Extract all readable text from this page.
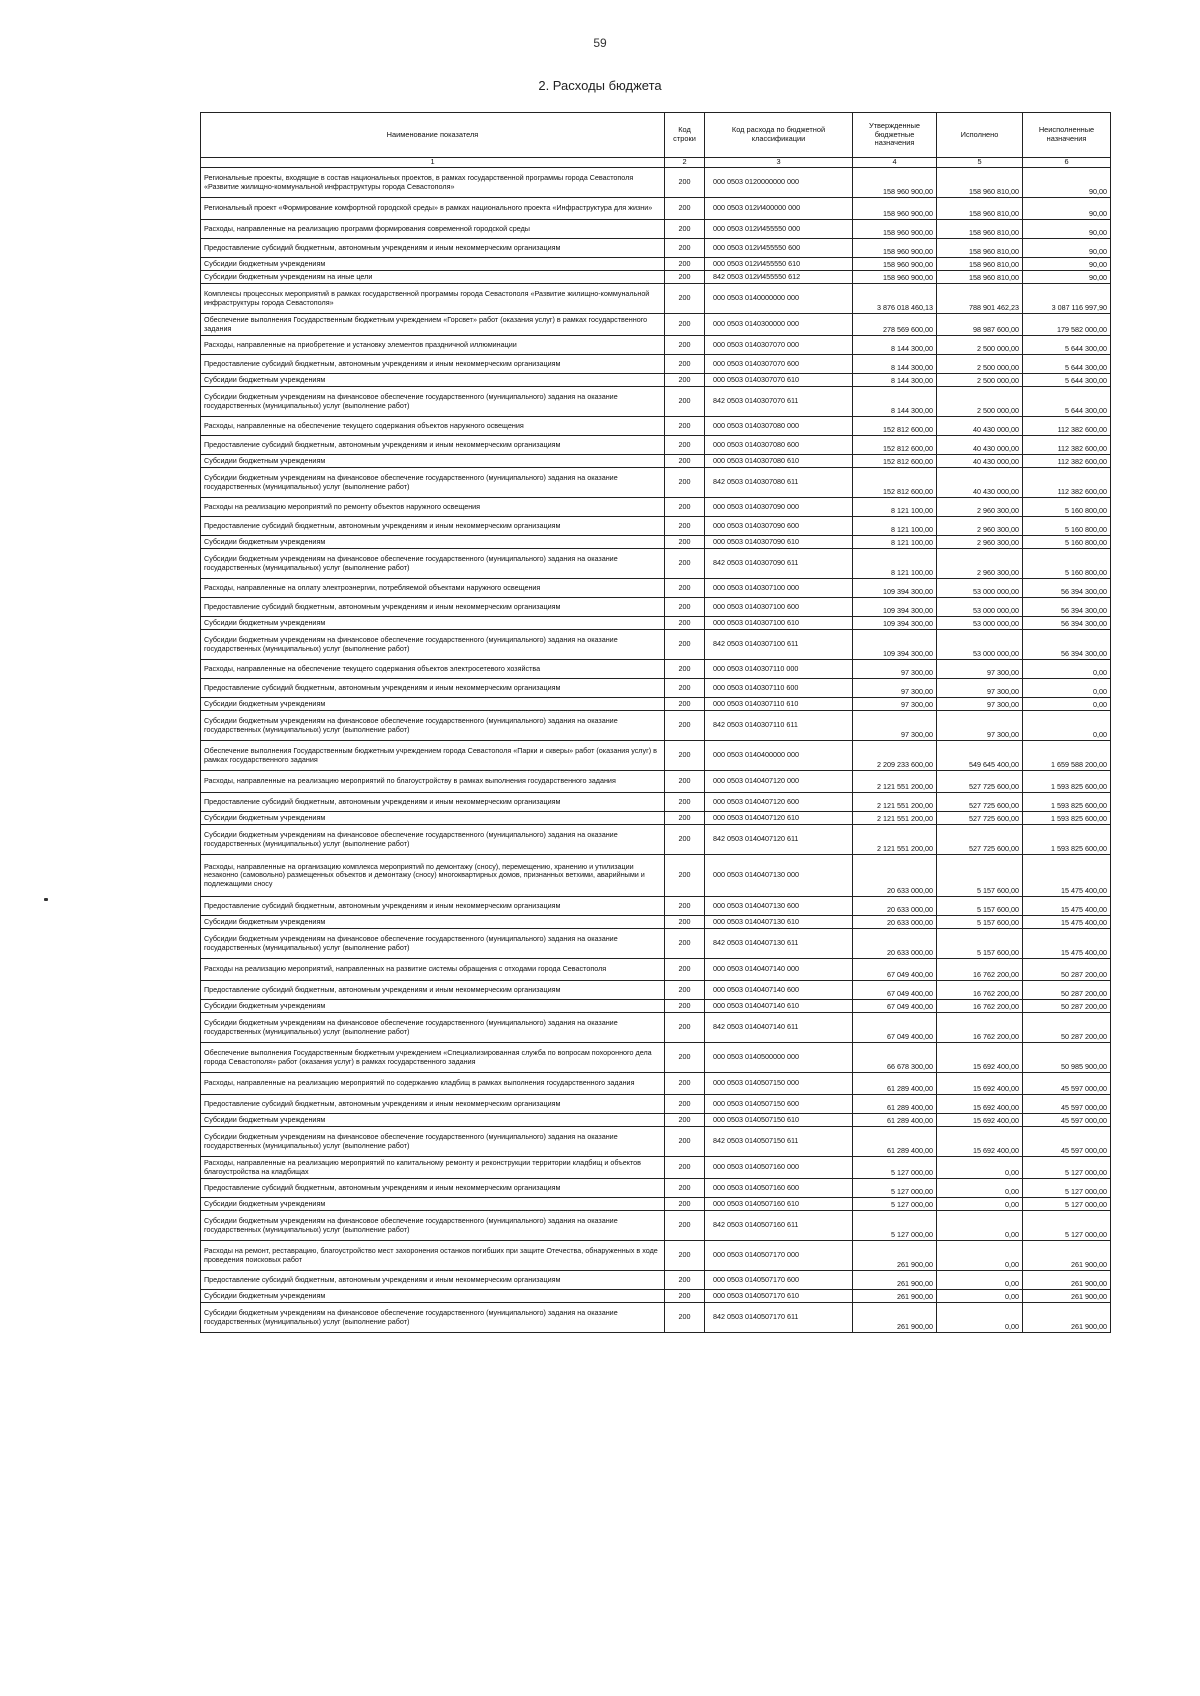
59
2. Расходы бюджета
Наименование показателя	Код строки	Код расхода по бюджетной классификации	Утвержденные бюджетные назначения	Исполнено	Неисполненные назначения
1	2	3	4	5	6
Региональные проекты, входящие в состав национальных проектов, в рамках государственной программы города Севастополя «Развитие жилищно-коммунальной инфраструктуры города Севастополя»	200	000 0503 0120000000 000	158 960 900,00	158 960 810,00	90,00
Региональный проект «Формирование комфортной городской среды» в рамках национального проекта «Инфраструктура для жизни»	200	000 0503 012И400000 000	158 960 900,00	158 960 810,00	90,00
Расходы, направленные на реализацию программ формирования современной городской среды	200	000 0503 012И455550 000	158 960 900,00	158 960 810,00	90,00
Предоставление субсидий бюджетным, автономным учреждениям и иным некоммерческим организациям	200	000 0503 012И455550 600	158 960 900,00	158 960 810,00	90,00
Субсидии бюджетным учреждениям	200	000 0503 012И455550 610	158 960 900,00	158 960 810,00	90,00
Субсидии бюджетным учреждениям на иные цели	200	842 0503 012И455550 612	158 960 900,00	158 960 810,00	90,00
Комплексы процессных мероприятий в рамках государственной программы города Севастополя «Развитие жилищно-коммунальной инфраструктуры города Севастополя»	200	000 0503 0140000000 000	3 876 018 460,13	788 901 462,23	3 087 116 997,90
Обеспечение выполнения Государственным бюджетным учреждением «Горсвет» работ (оказания услуг) в рамках государственного задания	200	000 0503 0140300000 000	278 569 600,00	98 987 600,00	179 582 000,00
Расходы, направленные на приобретение и установку элементов праздничной иллюминации	200	000 0503 0140307070 000	8 144 300,00	2 500 000,00	5 644 300,00
Предоставление субсидий бюджетным, автономным учреждениям и иным некоммерческим организациям	200	000 0503 0140307070 600	8 144 300,00	2 500 000,00	5 644 300,00
Субсидии бюджетным учреждениям	200	000 0503 0140307070 610	8 144 300,00	2 500 000,00	5 644 300,00
Субсидии бюджетным учреждениям на финансовое обеспечение государственного (муниципального) задания на оказание государственных (муниципальных) услуг (выполнение работ)	200	842 0503 0140307070 611	8 144 300,00	2 500 000,00	5 644 300,00
Расходы, направленные на обеспечение текущего содержания объектов наружного освещения	200	000 0503 0140307080 000	152 812 600,00	40 430 000,00	112 382 600,00
Предоставление субсидий бюджетным, автономным учреждениям и иным некоммерческим организациям	200	000 0503 0140307080 600	152 812 600,00	40 430 000,00	112 382 600,00
Субсидии бюджетным учреждениям	200	000 0503 0140307080 610	152 812 600,00	40 430 000,00	112 382 600,00
Субсидии бюджетным учреждениям на финансовое обеспечение государственного (муниципального) задания на оказание государственных (муниципальных) услуг (выполнение работ)	200	842 0503 0140307080 611	152 812 600,00	40 430 000,00	112 382 600,00
Расходы на реализацию мероприятий по ремонту объектов наружного освещения	200	000 0503 0140307090 000	8 121 100,00	2 960 300,00	5 160 800,00
Предоставление субсидий бюджетным, автономным учреждениям и иным некоммерческим организациям	200	000 0503 0140307090 600	8 121 100,00	2 960 300,00	5 160 800,00
Субсидии бюджетным учреждениям	200	000 0503 0140307090 610	8 121 100,00	2 960 300,00	5 160 800,00
Субсидии бюджетным учреждениям на финансовое обеспечение государственного (муниципального) задания на оказание государственных (муниципальных) услуг (выполнение работ)	200	842 0503 0140307090 611	8 121 100,00	2 960 300,00	5 160 800,00
Расходы, направленные на оплату электроэнергии, потребляемой объектами наружного освещения	200	000 0503 0140307100 000	109 394 300,00	53 000 000,00	56 394 300,00
Предоставление субсидий бюджетным, автономным учреждениям и иным некоммерческим организациям	200	000 0503 0140307100 600	109 394 300,00	53 000 000,00	56 394 300,00
Субсидии бюджетным учреждениям	200	000 0503 0140307100 610	109 394 300,00	53 000 000,00	56 394 300,00
Субсидии бюджетным учреждениям на финансовое обеспечение государственного (муниципального) задания на оказание государственных (муниципальных) услуг (выполнение работ)	200	842 0503 0140307100 611	109 394 300,00	53 000 000,00	56 394 300,00
Расходы, направленные на обеспечение текущего содержания объектов электросетевого хозяйства	200	000 0503 0140307110 000	97 300,00	97 300,00	0,00
Предоставление субсидий бюджетным, автономным учреждениям и иным некоммерческим организациям	200	000 0503 0140307110 600	97 300,00	97 300,00	0,00
Субсидии бюджетным учреждениям	200	000 0503 0140307110 610	97 300,00	97 300,00	0,00
Субсидии бюджетным учреждениям на финансовое обеспечение государственного (муниципального) задания на оказание государственных (муниципальных) услуг (выполнение работ)	200	842 0503 0140307110 611	97 300,00	97 300,00	0,00
Обеспечение выполнения Государственным бюджетным учреждением города Севастополя «Парки и скверы» работ (оказания услуг) в рамках государственного задания	200	000 0503 0140400000 000	2 209 233 600,00	549 645 400,00	1 659 588 200,00
Расходы, направленные на реализацию мероприятий по благоустройству в рамках выполнения государственного задания	200	000 0503 0140407120 000	2 121 551 200,00	527 725 600,00	1 593 825 600,00
Предоставление субсидий бюджетным, автономным учреждениям и иным некоммерческим организациям	200	000 0503 0140407120 600	2 121 551 200,00	527 725 600,00	1 593 825 600,00
Субсидии бюджетным учреждениям	200	000 0503 0140407120 610	2 121 551 200,00	527 725 600,00	1 593 825 600,00
Субсидии бюджетным учреждениям на финансовое обеспечение государственного (муниципального) задания на оказание государственных (муниципальных) услуг (выполнение работ)	200	842 0503 0140407120 611	2 121 551 200,00	527 725 600,00	1 593 825 600,00
Расходы, направленные на организацию комплекса мероприятий по демонтажу (сносу), перемещению, хранению и утилизации незаконно (самовольно) размещенных объектов и демонтажу (сносу) многоквартирных домов, признанных ветхими, аварийными и подлежащими сносу	200	000 0503 0140407130 000	20 633 000,00	5 157 600,00	15 475 400,00
Предоставление субсидий бюджетным, автономным учреждениям и иным некоммерческим организациям	200	000 0503 0140407130 600	20 633 000,00	5 157 600,00	15 475 400,00
Субсидии бюджетным учреждениям	200	000 0503 0140407130 610	20 633 000,00	5 157 600,00	15 475 400,00
Субсидии бюджетным учреждениям на финансовое обеспечение государственного (муниципального) задания на оказание государственных (муниципальных) услуг (выполнение работ)	200	842 0503 0140407130 611	20 633 000,00	5 157 600,00	15 475 400,00
Расходы на реализацию мероприятий, направленных на развитие системы обращения с отходами города Севастополя	200	000 0503 0140407140 000	67 049 400,00	16 762 200,00	50 287 200,00
Предоставление субсидий бюджетным, автономным учреждениям и иным некоммерческим организациям	200	000 0503 0140407140 600	67 049 400,00	16 762 200,00	50 287 200,00
Субсидии бюджетным учреждениям	200	000 0503 0140407140 610	67 049 400,00	16 762 200,00	50 287 200,00
Субсидии бюджетным учреждениям на финансовое обеспечение государственного (муниципального) задания на оказание государственных (муниципальных) услуг (выполнение работ)	200	842 0503 0140407140 611	67 049 400,00	16 762 200,00	50 287 200,00
Обеспечение выполнения Государственным бюджетным учреждением «Специализированная служба по вопросам похоронного дела города Севастополя» работ (оказания услуг) в рамках государственного задания	200	000 0503 0140500000 000	66 678 300,00	15 692 400,00	50 985 900,00
Расходы, направленные на реализацию мероприятий по содержанию кладбищ в рамках выполнения государственного задания	200	000 0503 0140507150 000	61 289 400,00	15 692 400,00	45 597 000,00
Предоставление субсидий бюджетным, автономным учреждениям и иным некоммерческим организациям	200	000 0503 0140507150 600	61 289 400,00	15 692 400,00	45 597 000,00
Субсидии бюджетным учреждениям	200	000 0503 0140507150 610	61 289 400,00	15 692 400,00	45 597 000,00
Субсидии бюджетным учреждениям на финансовое обеспечение государственного (муниципального) задания на оказание государственных (муниципальных) услуг (выполнение работ)	200	842 0503 0140507150 611	61 289 400,00	15 692 400,00	45 597 000,00
Расходы, направленные на реализацию мероприятий по капитальному ремонту и реконструкции территории кладбищ и объектов благоустройства на кладбищах	200	000 0503 0140507160 000	5 127 000,00	0,00	5 127 000,00
Предоставление субсидий бюджетным, автономным учреждениям и иным некоммерческим организациям	200	000 0503 0140507160 600	5 127 000,00	0,00	5 127 000,00
Субсидии бюджетным учреждениям	200	000 0503 0140507160 610	5 127 000,00	0,00	5 127 000,00
Субсидии бюджетным учреждениям на финансовое обеспечение государственного (муниципального) задания на оказание государственных (муниципальных) услуг (выполнение работ)	200	842 0503 0140507160 611	5 127 000,00	0,00	5 127 000,00
Расходы на ремонт, реставрацию, благоустройство мест захоронения останков погибших при защите Отечества, обнаруженных в ходе проведения поисковых работ	200	000 0503 0140507170 000	261 900,00	0,00	261 900,00
Предоставление субсидий бюджетным, автономным учреждениям и иным некоммерческим организациям	200	000 0503 0140507170 600	261 900,00	0,00	261 900,00
Субсидии бюджетным учреждениям	200	000 0503 0140507170 610	261 900,00	0,00	261 900,00
Субсидии бюджетным учреждениям на финансовое обеспечение государственного (муниципального) задания на оказание государственных (муниципальных) услуг (выполнение работ)	200	842 0503 0140507170 611	261 900,00	0,00	261 900,00
